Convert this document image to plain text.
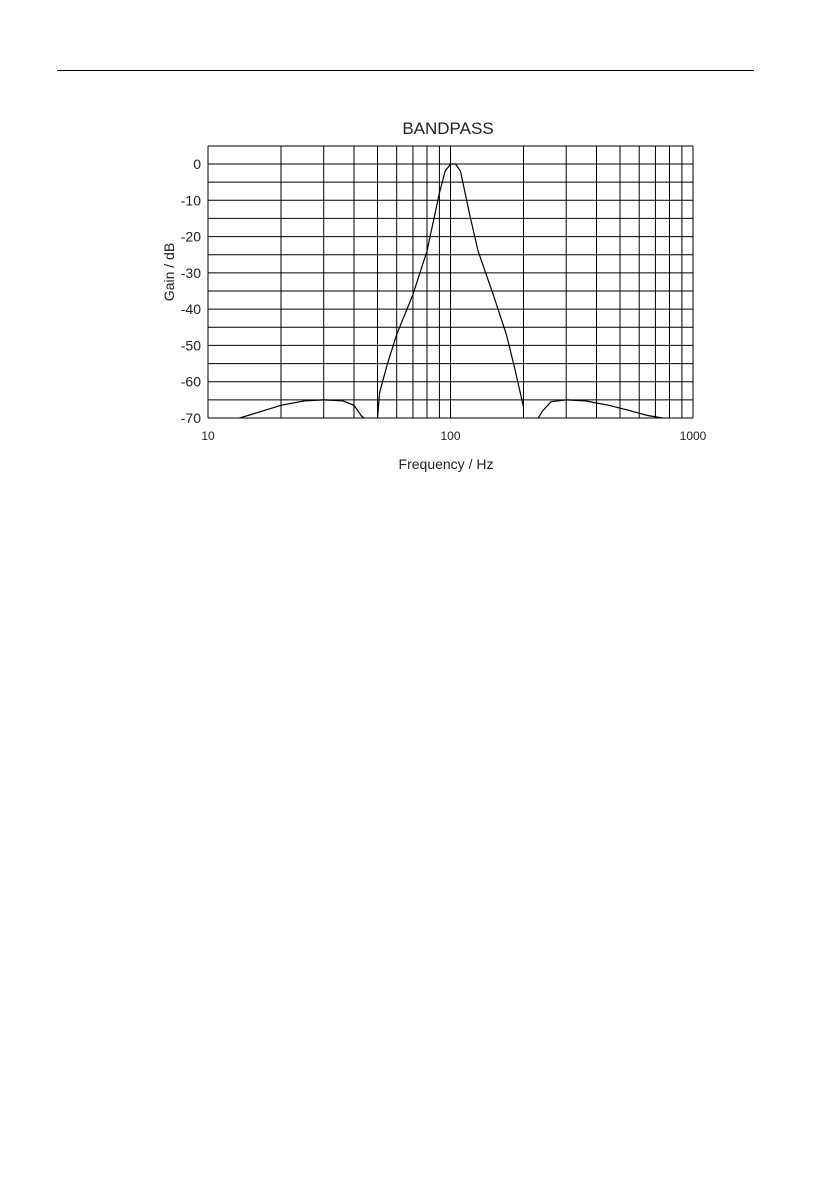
BANDPASS
0
-10
-20
-30
-40
-50
-60
-70
10	100	1000
Frequency / Hz
Gain / dB
